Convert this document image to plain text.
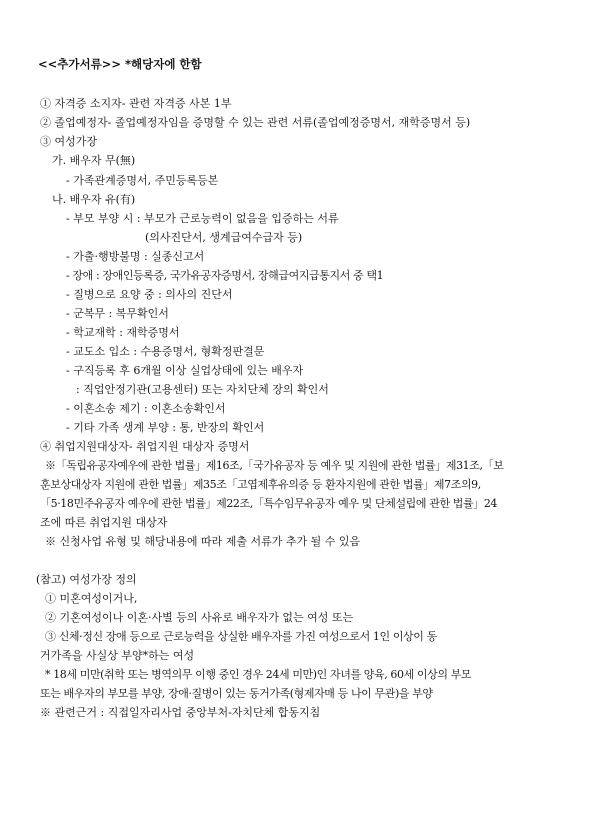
<<추가서류>> *해당자에 한함
① 자격증 소지자- 관련 자격증 사본 1부
② 졸업예정자- 졸업예정자임을 증명할 수 있는 관련 서류(졸업예정증명서, 재학증명서 등)
③ 여성가장
가. 배우자 무(無)
- 가족관계증명서, 주민등록등본
나. 배우자 유(有)
- 부모 부양 시 : 부모가 근로능력이 없음을 입증하는 서류
(의사진단서, 생계급여수급자 등)
- 가출·행방불명 : 실종신고서
- 장애 : 장애인등록증, 국가유공자증명서, 장해급여지급통지서 중 택1
- 질병으로 요양 중 : 의사의 진단서
- 군복무 : 복무확인서
- 학교재학 : 재학증명서
- 교도소 입소 : 수용증명서, 형확정판결문
- 구직등록 후 6개월 이상 실업상태에 있는 배우자
: 직업안정기관(고용센터) 또는 자치단체 장의 확인서
- 이혼소송 제기 : 이혼소송확인서
- 기타 가족 생계 부양 : 통, 반장의 확인서
④ 취업지원대상자- 취업지원 대상자 증명서
※「독립유공자예우에 관한 법률」제16조,「국가유공자 등 예우 및 지원에 관한 법률」제31조,「보
훈보상대상자 지원에 관한 법률」제35조「고엽제후유의증 등 환자지원에 관한 법률」제7조의9,
「5·18민주유공자 예우에 관한 법률」제22조,「특수임무유공자 예우 및 단체설립에 관한 법률」24
조에 따른 취업지원 대상자
※ 신청사업 유형 및 해당내용에 따라 제출 서류가 추가 될 수 있음
(참고) 여성가장 정의
① 미혼여성이거나,
② 기혼여성이나 이혼·사별 등의 사유로 배우자가 없는 여성 또는
③ 신체·정신 장애 등으로 근로능력을 상실한 배우자를 가진 여성으로서 1인 이상이 동
거가족을 사실상 부양*하는 여성
* 18세 미만(취학 또는 병역의무 이행 중인 경우 24세 미만)인 자녀를 양육, 60세 이상의 부모
또는 배우자의 부모를 부양, 장애·질병이 있는 동거가족(형제자매 등 나이 무관)을 부양
※ 관련근거 : 직접일자리사업 중앙부처-자치단체 합동지침
